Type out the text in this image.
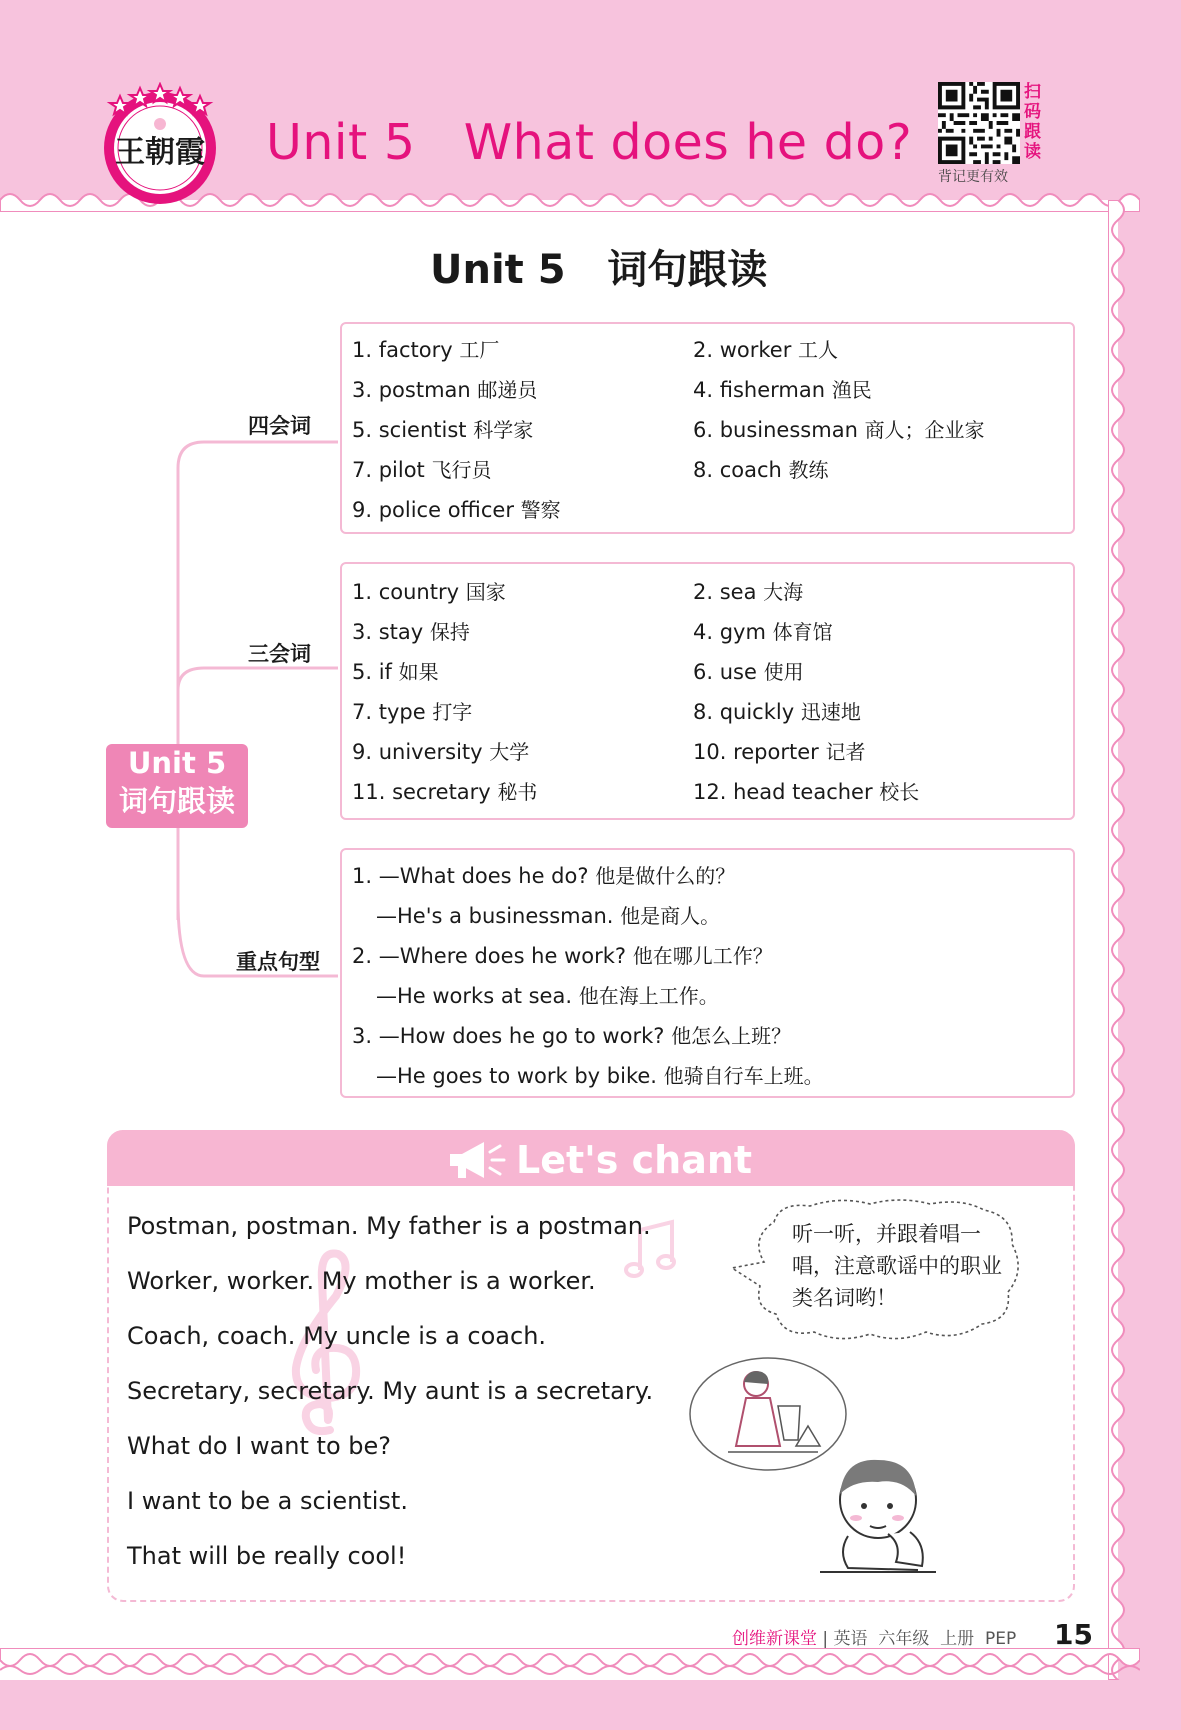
王朝霞 Unit 5   What does he do?
扫
码
跟
读
背记更有效
Unit 5   词句跟读
Unit 5
词句跟读
四会词
三会词
重点句型
1. factory 工厂	2. worker 工人
3. postman 邮递员	4. fisherman 渔民
5. scientist 科学家	6. businessman 商人；企业家
7. pilot 飞行员	8. coach 教练
9. police officer 警察
1. country 国家	2. sea 大海
3. stay 保持	4. gym 体育馆
5. if 如果	6. use 使用
7. type 打字	8. quickly 迅速地
9. university 大学	10. reporter 记者
11. secretary 秘书	12. head teacher 校长
1. —What does he do? 他是做什么的？
—He's a businessman. 他是商人。
2. —Where does he work? 他在哪儿工作？
—He works at sea. 他在海上工作。
3. —How does he go to work? 他怎么上班？
—He goes to work by bike. 他骑自行车上班。
Let's chant
Postman, postman. My father is a postman.
Worker, worker. My mother is a worker.
Coach, coach. My uncle is a coach.
Secretary, secretary. My aunt is a secretary.
What do I want to be?
I want to be a scientist.
That will be really cool!
听一听，并跟着唱一唱，注意歌谣中的职业类名词哟！
创维新课堂 | 英语 六年级 上册 PEP 15
